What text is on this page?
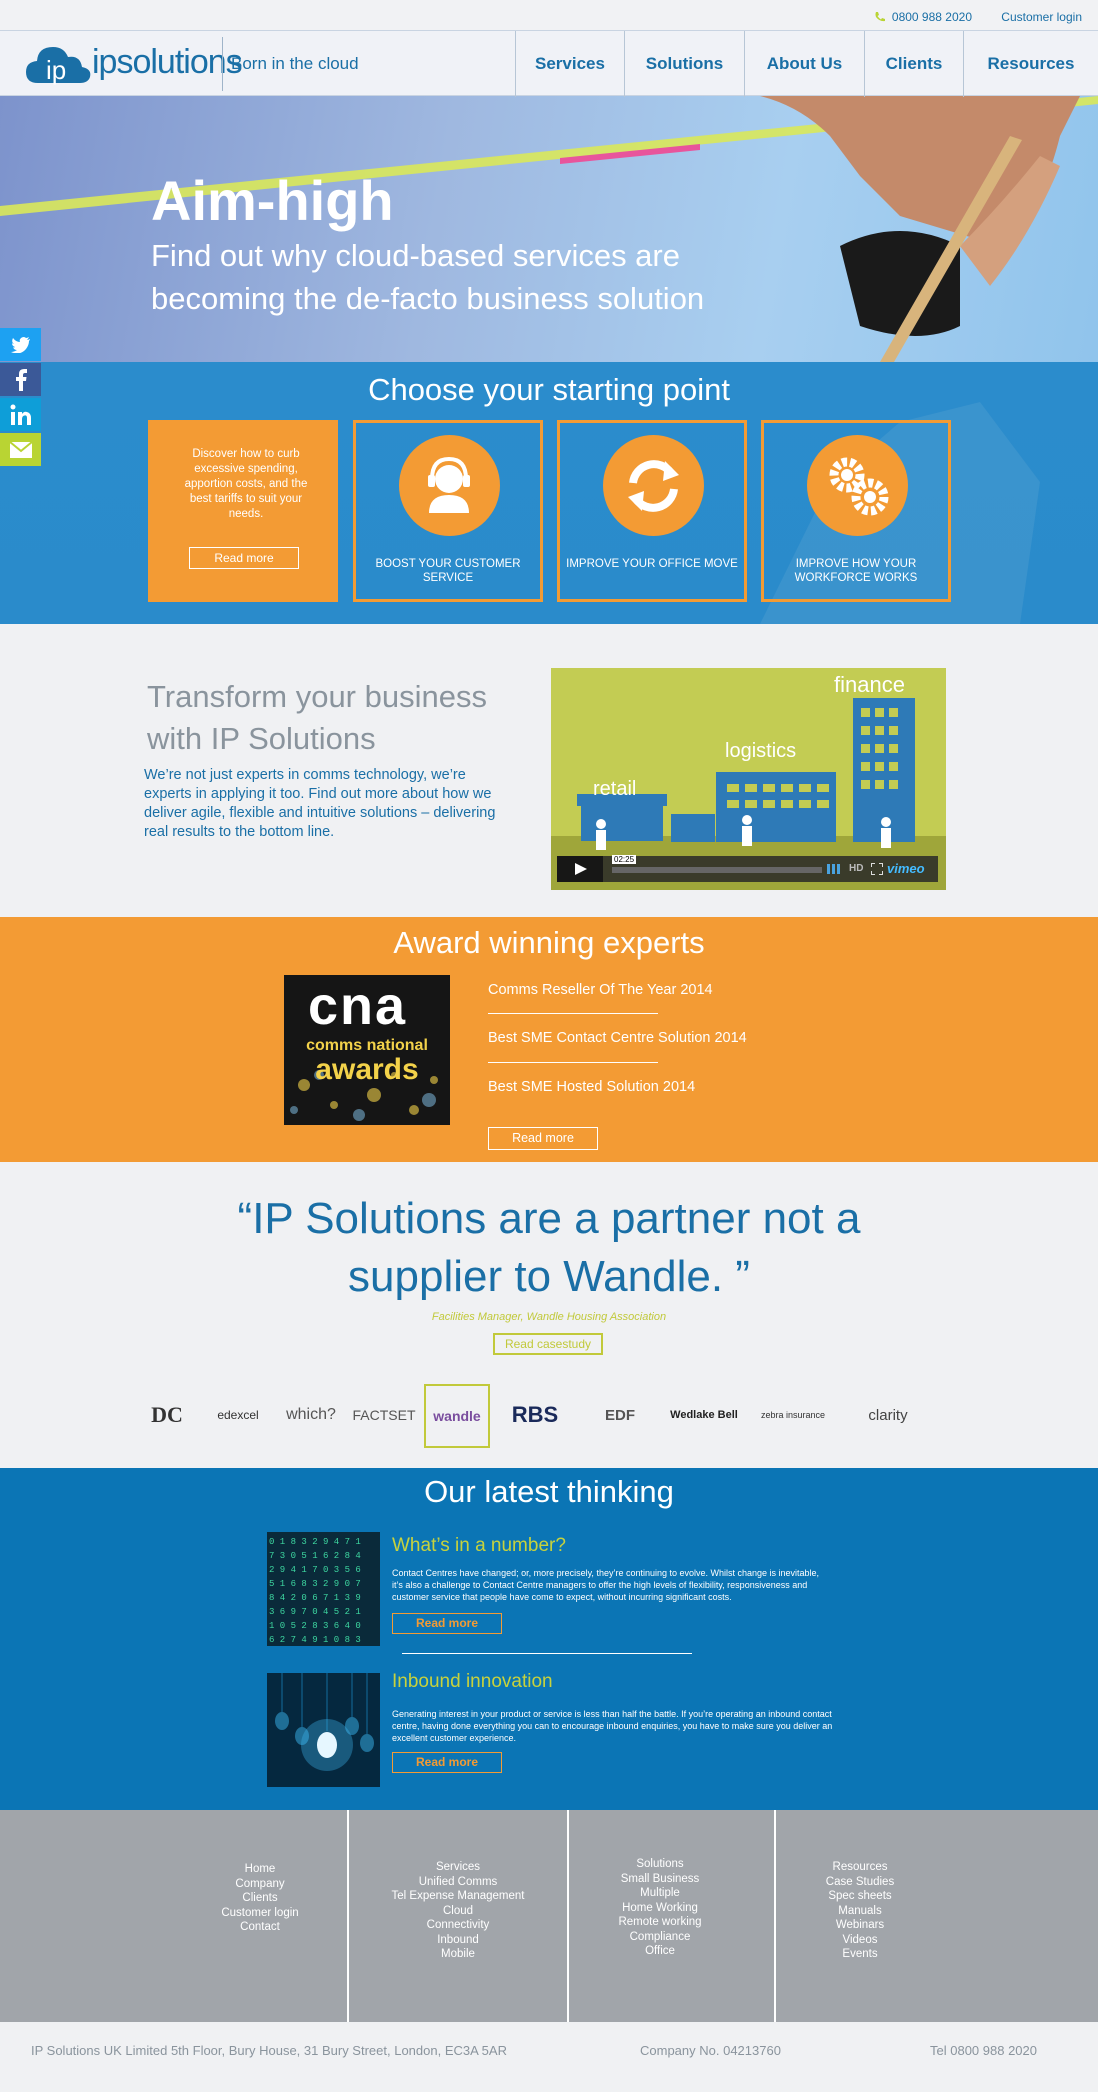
0800 988 2020 Customer login
ip ipsolutions
Born in the cloud	Services	Solutions	About Us	Clients	Resources
Aim-high
Find out why cloud-based services are becoming the de-facto business solution
Choose your starting point
Discover how to curb excessive spending, apportion costs, and the best tariffs to suit your needs.
Read more	BOOST YOUR CUSTOMER SERVICE
IMPROVE YOUR OFFICE MOVE	IMPROVE HOW YOUR WORKFORCE WORKS
Transform your business with IP Solutions

We’re not just experts in comms technology, we’re experts in applying it too. Find out more about how we deliver agile, flexible and intuitive solutions – delivering real results to the bottom line.

retail
logistics
finance
02:25
HD vimeo
Award winning experts
cna
comms national
awards
Comms Reseller Of The Year 2014
Best SME Contact Centre Solution 2014
Best SME Hosted Solution 2014
Read more
“IP Solutions are a partner not a supplier to Wandle. ”
Facilities Manager, Wandle Housing Association
Read casestudy
DC	edexcel	which?	FACTSET	wandle	RBS	EDF	Wedlake Bell	zebra insurance	clarity
Our latest thinking
0 1 8 3 2 9 4 7 1
7 3 0 5 1 6 2 8 4
2 9 4 1 7 0 3 5 6
5 1 6 8 3 2 9 0 7
8 4 2 0 6 7 1 3 9
3 6 9 7 0 4 5 2 1
1 0 5 2 8 3 6 4 0
6 2 7 4 9 1 0 8 3
What’s in a number?
Contact Centres have changed; or, more precisely, they’re continuing to evolve. Whilst change is inevitable, it’s also a challenge to Contact Centre managers to offer the high levels of flexibility, responsiveness and customer service that people have come to expect, without incurring significant costs.
Read more
Inbound innovation
Generating interest in your product or service is less than half the battle. If you’re operating an inbound contact centre, having done everything you can to encourage inbound enquiries, you have to make sure you deliver an excellent customer experience.
Read more
Home
Company
Clients
Customer login
Contact
Services
Unified Comms
Tel Expense Management
Cloud
Connectivity
Inbound
Mobile
Solutions
Small Business
Multiple
Home Working
Remote working
Compliance
Office
Resources
Case Studies
Spec sheets
Manuals
Webinars
Videos
Events
IP Solutions UK Limited 5th Floor, Bury House, 31 Bury Street, London, EC3A 5AR	Company No. 04213760	Tel 0800 988 2020
